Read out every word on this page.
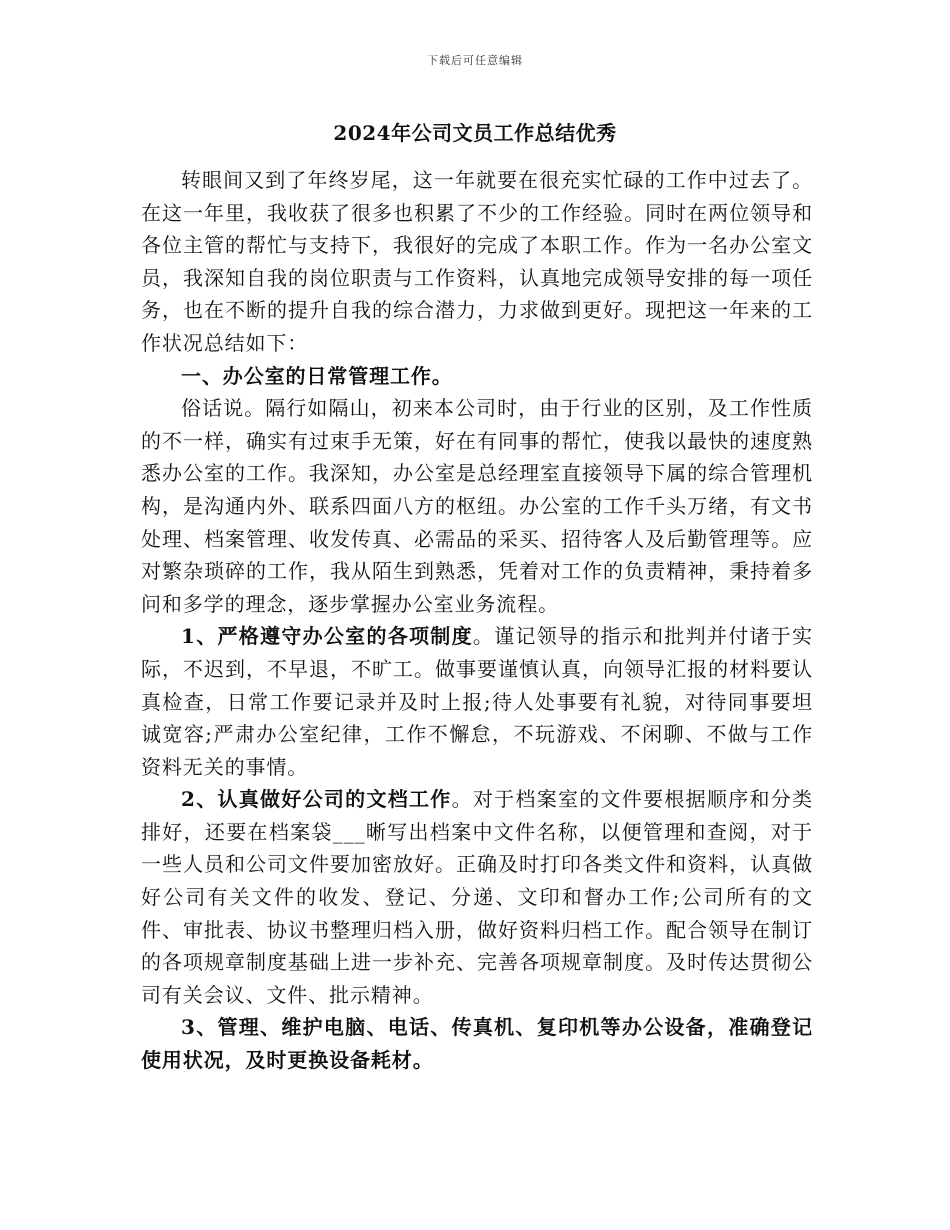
下载后可任意编辑
2024年公司文员工作总结优秀

转眼间又到了年终岁尾，这一年就要在很充实忙碌的工作中过去了。在这一年里，我收获了很多也积累了不少的工作经验。同时在两位领导和各位主管的帮忙与支持下，我很好的完成了本职工作。作为一名办公室文员，我深知自我的岗位职责与工作资料，认真地完成领导安排的每一项任务，也在不断的提升自我的综合潜力，力求做到更好。现把这一年来的工作状况总结如下：

一、办公室的日常管理工作。

俗话说。隔行如隔山，初来本公司时，由于行业的区别，及工作性质的不一样，确实有过束手无策，好在有同事的帮忙，使我以最快的速度熟悉办公室的工作。我深知，办公室是总经理室直接领导下属的综合管理机构，是沟通内外、联系四面八方的枢纽。办公室的工作千头万绪，有文书处理、档案管理、收发传真、必需品的采买、招待客人及后勤管理等。应对繁杂琐碎的工作，我从陌生到熟悉，凭着对工作的负责精神，秉持着多问和多学的理念，逐步掌握办公室业务流程。

1、严格遵守办公室的各项制度。谨记领导的指示和批判并付诸于实际，不迟到，不早退，不旷工。做事要谨慎认真，向领导汇报的材料要认真检查，日常工作要记录并及时上报;待人处事要有礼貌，对待同事要坦诚宽容;严肃办公室纪律，工作不懈怠，不玩游戏、不闲聊、不做与工作资料无关的事情。

2、认真做好公司的文档工作。对于档案室的文件要根据顺序和分类排好，还要在档案袋___晰写出档案中文件名称，以便管理和查阅，对于一些人员和公司文件要加密放好。正确及时打印各类文件和资料，认真做好公司有关文件的收发、登记、分递、文印和督办工作;公司所有的文件、审批表、协议书整理归档入册，做好资料归档工作。配合领导在制订的各项规章制度基础上进一步补充、完善各项规章制度。及时传达贯彻公司有关会议、文件、批示精神。

3、管理、维护电脑、电话、传真机、复印机等办公设备，准确登记使用状况，及时更换设备耗材。
